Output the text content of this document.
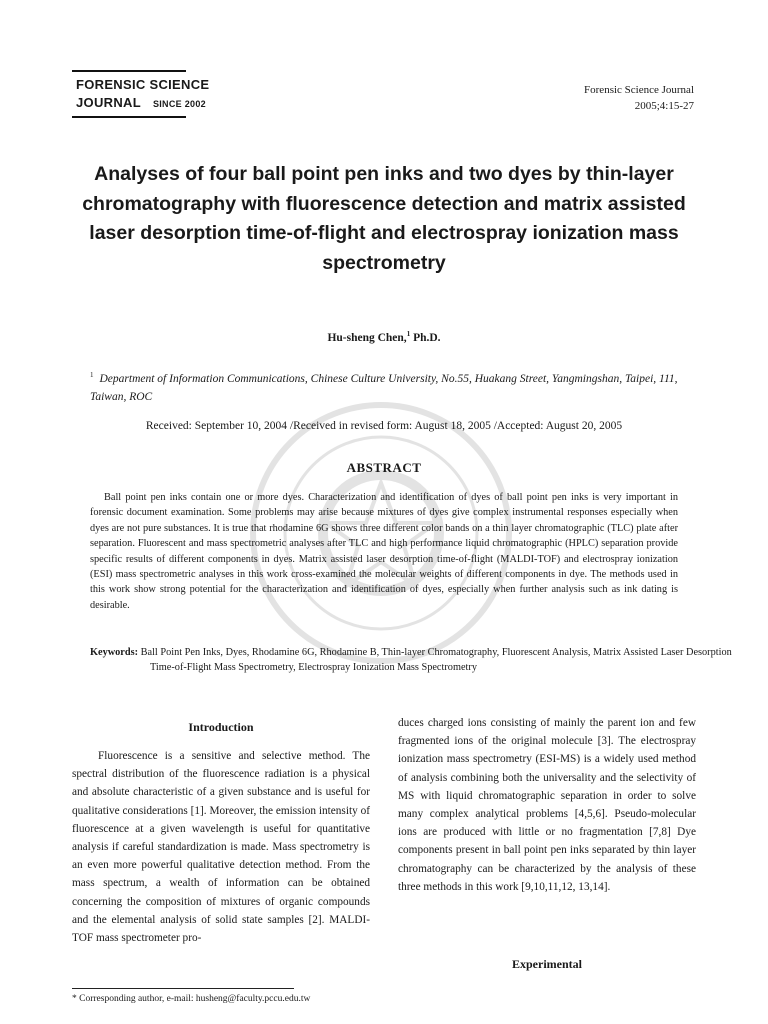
FORENSIC SCIENCE
JOURNAL SINCE 2002
Forensic Science Journal
2005;4:15-27
Analyses of four ball point pen inks and two dyes by thin-layer chromatography with fluorescence detection and matrix assisted laser desorption time-of-flight and electrospray ionization mass spectrometry
Hu-sheng Chen,$^1$ Ph.D.
$^1$ Department of Information Communications, Chinese Culture University, No.55, Huakang Street, Yangmingshan, Taipei, 111, Taiwan, ROC
Received: September 10, 2004 /Received in revised form: August 18, 2005 /Accepted: August 20, 2005
ABSTRACT
Ball point pen inks contain one or more dyes. Characterization and identification of dyes of ball point pen inks is very important in forensic document examination. Some problems may arise because mixtures of dyes give complex instrumental responses especially when dyes are not pure substances. It is true that rhodamine 6G shows three different color bands on a thin layer chromatographic (TLC) plate after separation. Fluorescent and mass spectrometric analyses after TLC and high performance liquid chromatographic (HPLC) separation provide specific results of different components in dyes. Matrix assisted laser desorption time-of-flight (MALDI-TOF) and electrospray ionization (ESI) mass spectrometric analyses in this work cross-examined the molecular weights of different components in dye. The methods used in this work show strong potential for the characterization and identification of dyes, especially when further analysis such as ink dating is desirable.
Keywords: Ball Point Pen Inks, Dyes, Rhodamine 6G, Rhodamine B, Thin-layer Chromatography, Fluorescent Analysis, Matrix Assisted Laser Desorption Time-of-Flight Mass Spectrometry, Electrospray Ionization Mass Spectrometry
Introduction

Fluorescence is a sensitive and selective method. The spectral distribution of the fluorescence radiation is a physical and absolute characteristic of a given substance and is useful for qualitative considerations [1]. Moreover, the emission intensity of fluorescence at a given wavelength is useful for quantitative analysis if careful standardization is made. Mass spectrometry is an even more powerful qualitative detection method. From the mass spectrum, a wealth of information can be obtained concerning the composition of mixtures of organic compounds and the elemental analysis of solid state samples [2]. MALDI-TOF mass spectrometer pro-

duces charged ions consisting of mainly the parent ion and few fragmented ions of the original molecule [3]. The electrospray ionization mass spectrometry (ESI-MS) is a widely used method of analysis combining both the universality and the selectivity of MS with liquid chromatographic separation in order to solve many complex analytical problems [4,5,6]. Pseudo-molecular ions are produced with little or no fragmentation [7,8] Dye components present in ball point pen inks separated by thin layer chromatography can be characterized by the analysis of these three methods in this work [9,10,11,12, 13,14].

Experimental
* Corresponding author, e-mail: husheng@faculty.pccu.edu.tw
